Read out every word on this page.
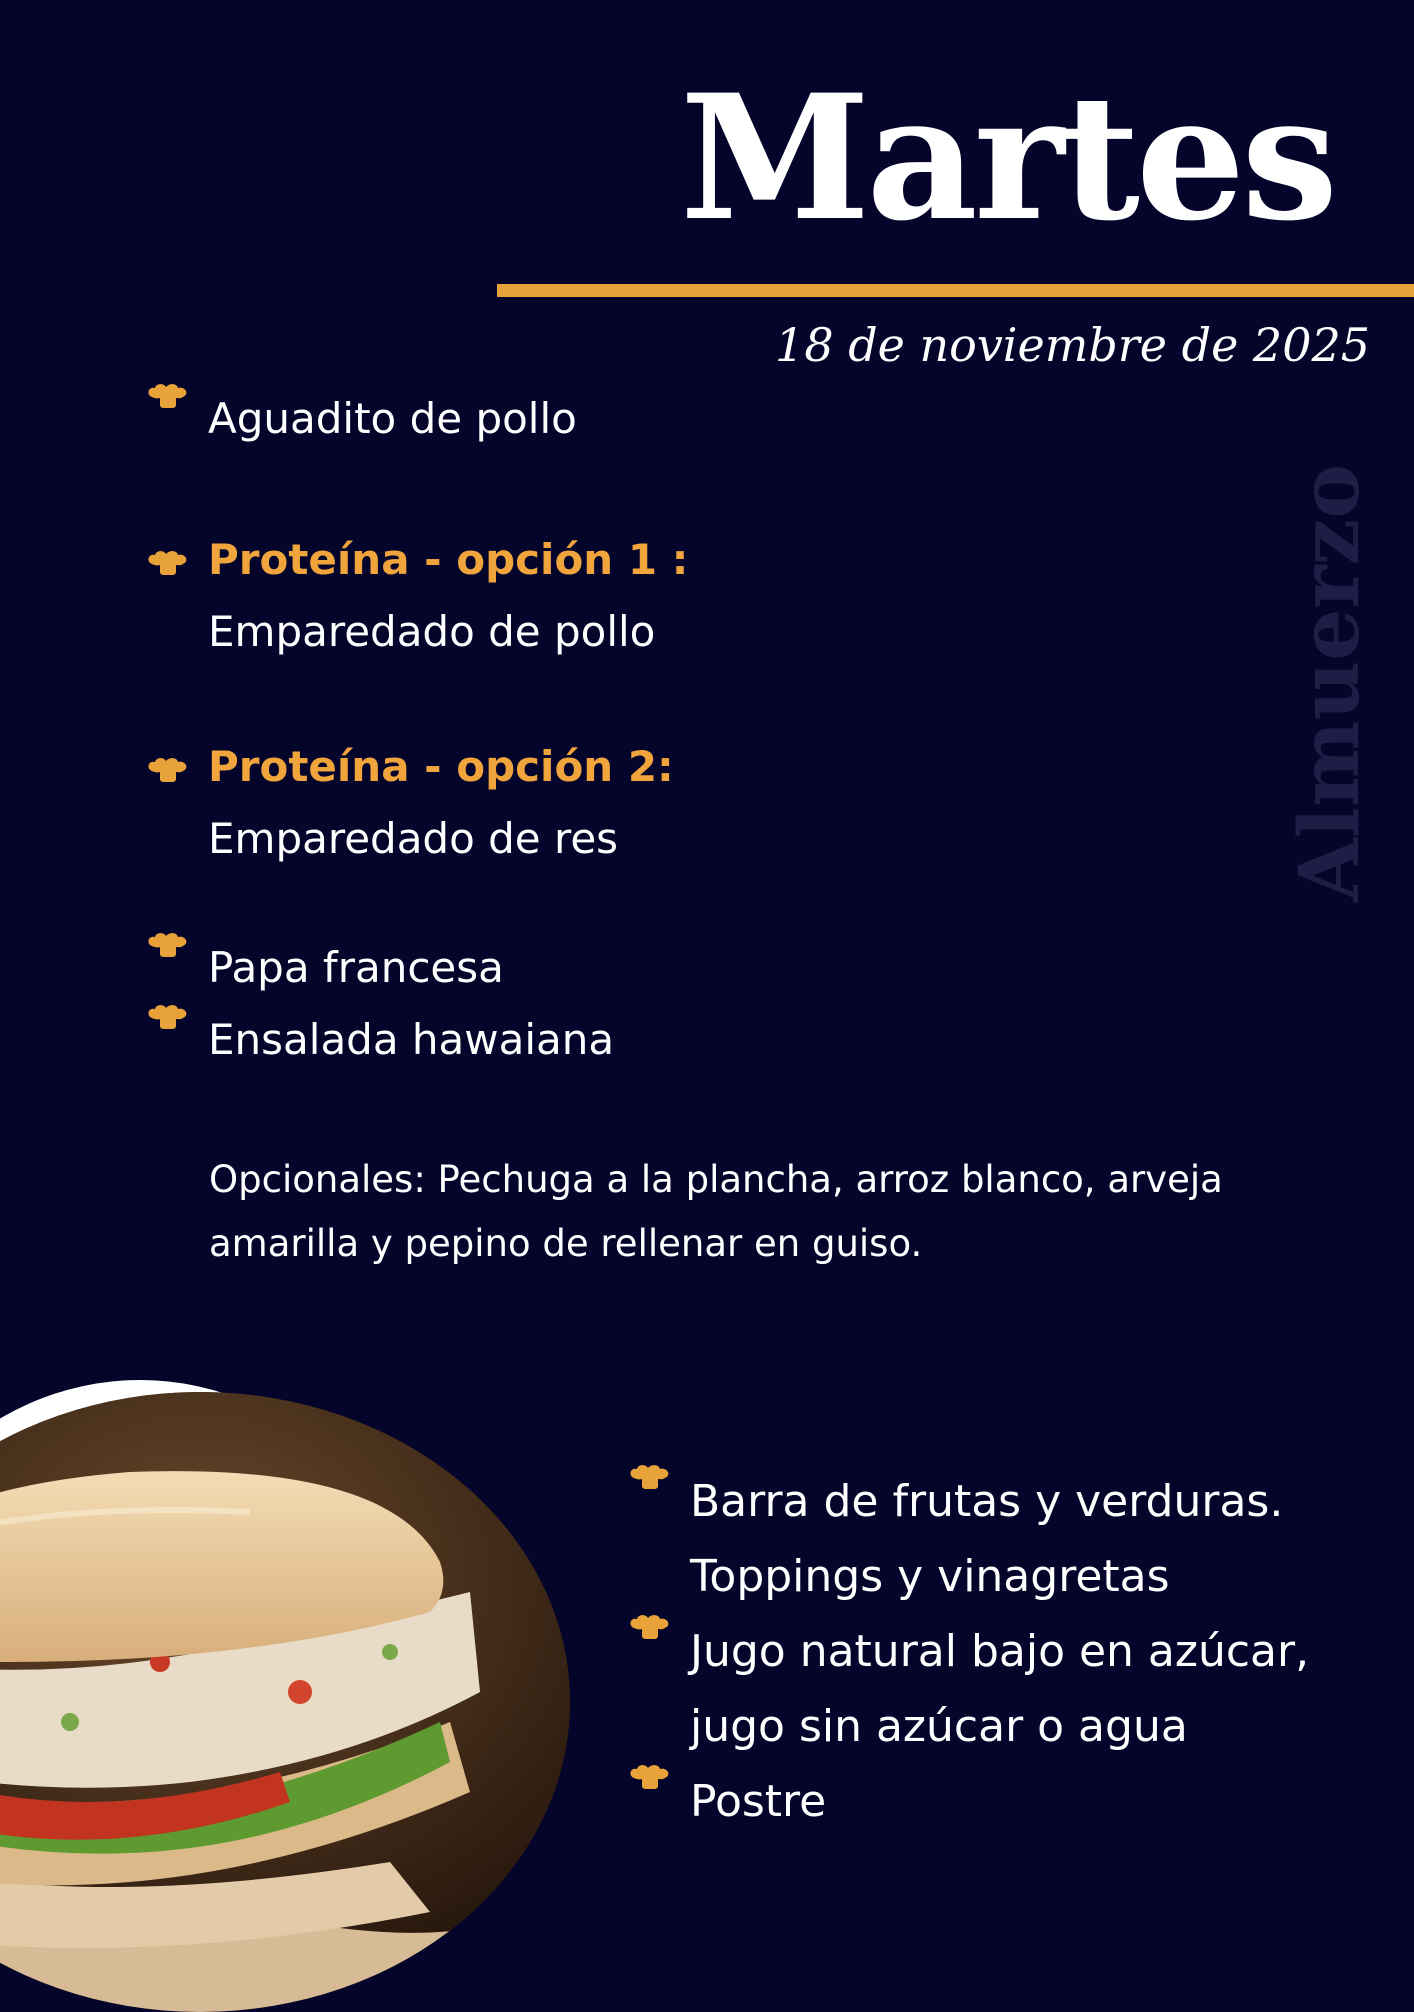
Martes
18 de noviembre de 2025
Almuerzo
Aguadito de pollo
Proteína - opción 1 :
Emparedado de pollo
Proteína - opción 2:
Emparedado de res
Papa francesa
Ensalada hawaiana
Opcionales: Pechuga a la plancha, arroz blanco, arveja amarilla y pepino de rellenar en guiso.
Barra de frutas y verduras.
Toppings y vinagretas
Jugo natural bajo en azúcar,
jugo sin azúcar o agua
Postre
